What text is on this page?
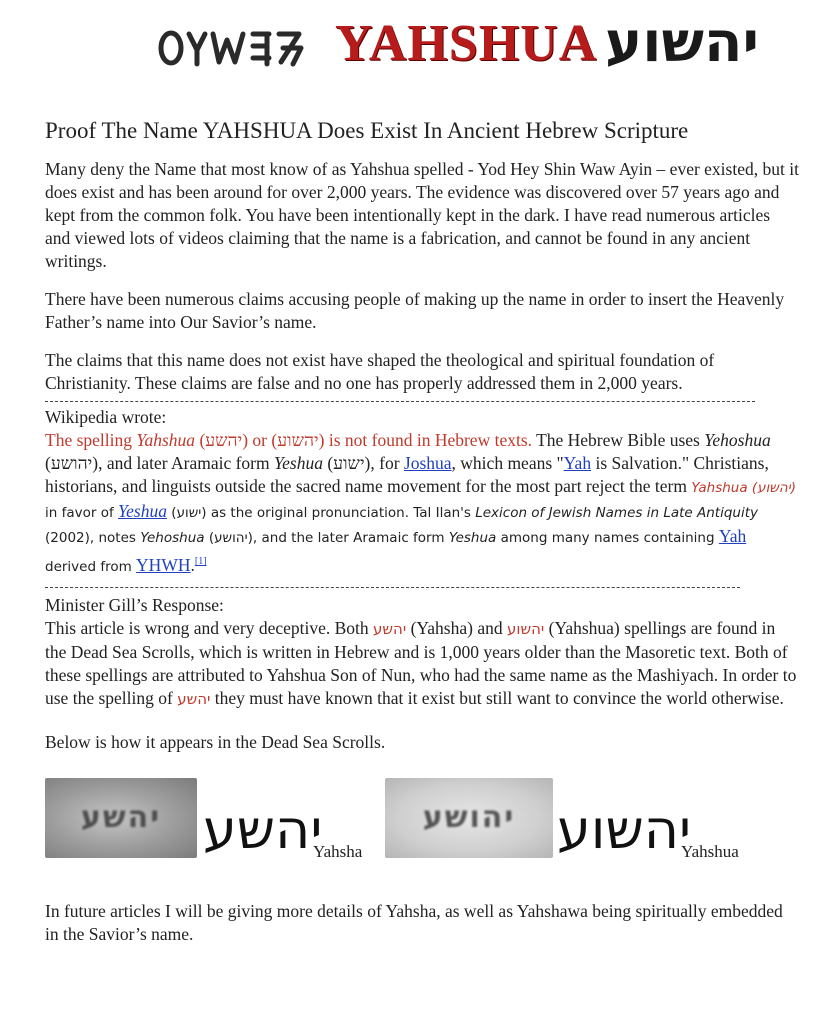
YAHSHUA יהשוע
Proof The Name YAHSHUA Does Exist In Ancient Hebrew Scripture

Many deny the Name that most know of as Yahshua spelled - Yod Hey Shin Waw Ayin – ever existed, but it does exist and has been around for over 2,000 years. The evidence was discovered over 57 years ago and kept from the common folk. You have been intentionally kept in the dark. I have read numerous articles and viewed lots of videos claiming that the name is a fabrication, and cannot be found in any ancient writings.

There have been numerous claims accusing people of making up the name in order to insert the Heavenly Father’s name into Our Savior’s name.

The claims that this name does not exist have shaped the theological and spiritual foundation of Christianity. These claims are false and no one has properly addressed them in 2,000 years.

Wikipedia wrote:

The spelling Yahshua (יהשע) or (יהשוע) is not found in Hebrew texts. The Hebrew Bible uses Yehoshua (יהושע), and later Aramaic form Yeshua (ישוע), for Joshua, which means "Yah is Salvation." Christians, historians, and linguists outside the sacred name movement for the most part reject the term Yahshua (יהשוע) in favor of Yeshua (ישוע) as the original pronunciation. Tal Ilan's Lexicon of Jewish Names in Late Antiquity (2002), notes Yehoshua (יהושע), and the later Aramaic form Yeshua among many names containing Yah derived from YHWH.[1]

Minister Gill’s Response:

This article is wrong and very deceptive. Both יהשע (Yahsha) and יהשוע (Yahshua) spellings are found in the Dead Sea Scrolls, which is written in Hebrew and is 1,000 years older than the Masoretic text. Both of these spellings are attributed to Yahshua Son of Nun, who had the same name as the Mashiyach. In order to use the spelling of יהשע they must have known that it exist but still want to convince the world otherwise.

Below is how it appears in the Dead Sea Scrolls.

יהשע יהשע
Yahsha
יהושע יהשוע
Yahshua

In future articles I will be giving more details of Yahsha, as well as Yahshawa being spiritually embedded in the Savior’s name.
